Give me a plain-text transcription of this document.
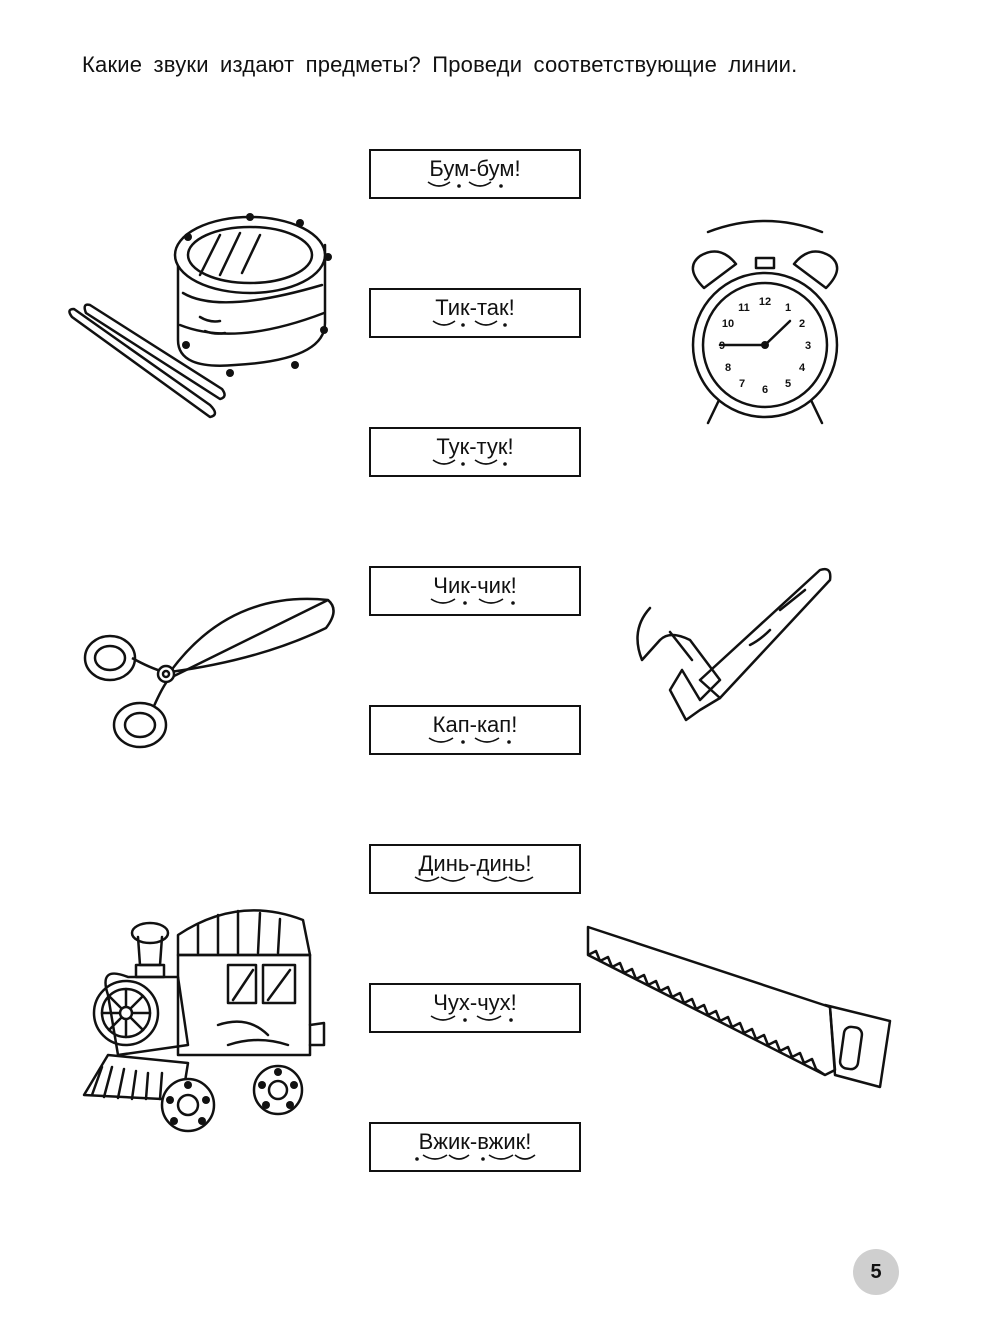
Какие звуки издают предметы? Проведи соответствующие линии.
Бум-бум!
Тик-так!
Тук-тук!
Чик-чик!
Кап-кап!
Динь-динь!
Чух-чух!
Вжик-вжик!
12 1
2
3
4
5
6
7
8
9
10
11
5
